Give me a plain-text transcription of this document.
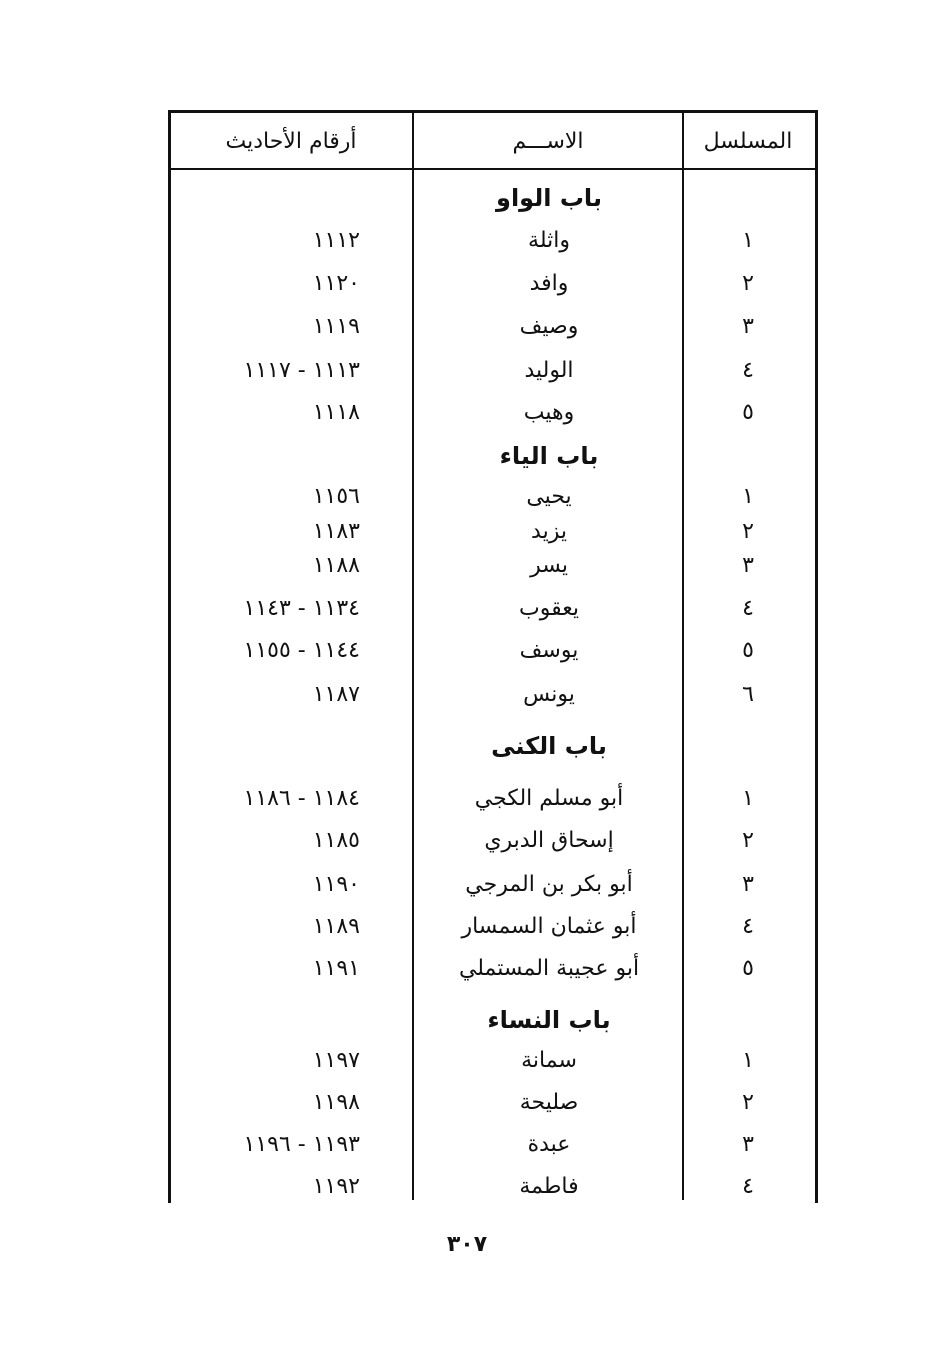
المسلسل
الاســـم
أرقام الأحاديث
باب الواو
١
واثلة
١١١٢
٢
وافد
١١٢٠
٣
وصيف
١١١٩
٤
الوليد
١١١٣ - ١١١٧
٥
وهيب
١١١٨
باب الياء
١
يحيى
١١٥٦
٢
يزيد
١١٨٣
٣
يسر
١١٨٨
٤
يعقوب
١١٣٤ - ١١٤٣
٥
يوسف
١١٤٤ - ١١٥٥
٦
يونس
١١٨٧
باب الكنى
١
أبو مسلم الكجي
١١٨٤ - ١١٨٦
٢
إسحاق الدبري
١١٨٥
٣
أبو بكر بن المرجي
١١٩٠
٤
أبو عثمان السمسار
١١٨٩
٥
أبو عجيبة المستملي
١١٩١
باب النساء
١
سمانة
١١٩٧
٢
صليحة
١١٩٨
٣
عبدة
١١٩٣ - ١١٩٦
٤
فاطمة
١١٩٢
٣٠٧
